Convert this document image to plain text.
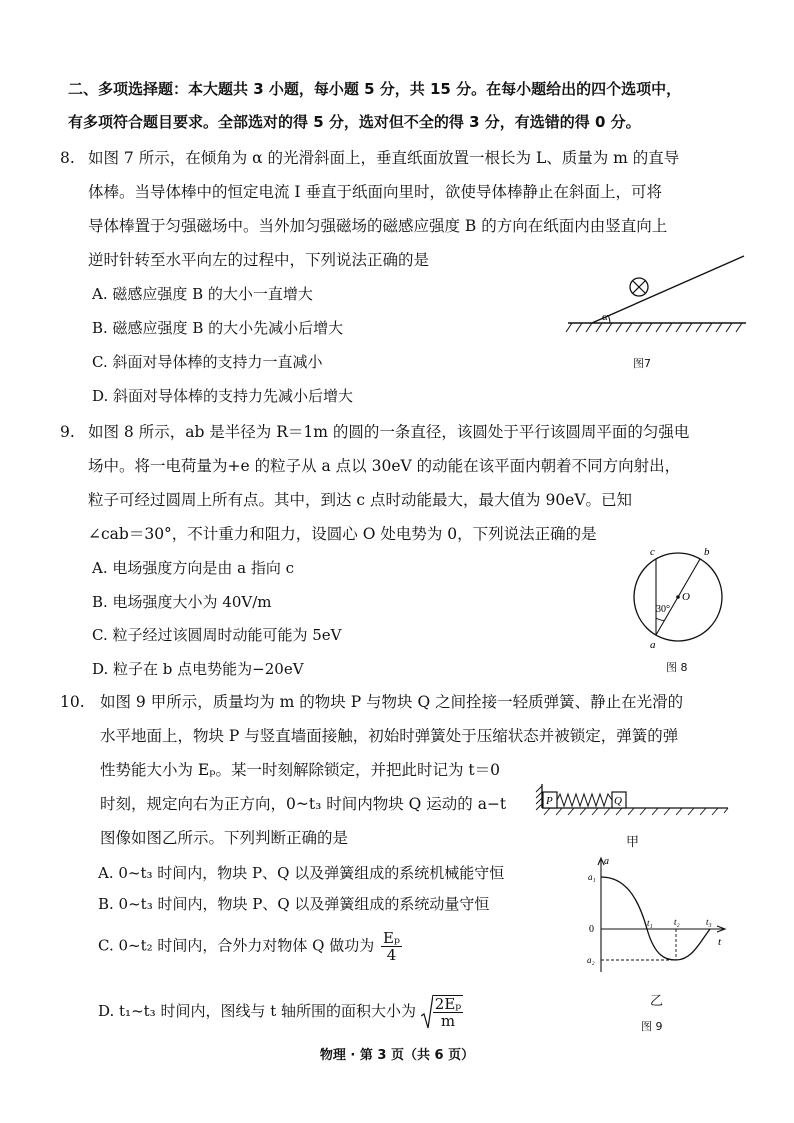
二、多项选择题：本大题共 3 小题，每小题 5 分，共 15 分。在每小题给出的四个选项中，
有多项符合题目要求。全部选对的得 5 分，选对但不全的得 3 分，有选错的得 0 分。
8. 如图 7 所示，在倾角为 α 的光滑斜面上，垂直纸面放置一根长为 L、质量为 m 的直导
体棒。当导体棒中的恒定电流 I 垂直于纸面向里时，欲使导体棒静止在斜面上，可将
导体棒置于匀强磁场中。当外加匀强磁场的磁感应强度 B 的方向在纸面内由竖直向上
逆时针转至水平向左的过程中，下列说法正确的是
A. 磁感应强度 B 的大小一直增大
B. 磁感应强度 B 的大小先减小后增大
C. 斜面对导体棒的支持力一直减小
D. 斜面对导体棒的支持力先减小后增大
α
图7
9. 如图 8 所示，ab 是半径为 R＝1m 的圆的一条直径，该圆处于平行该圆周平面的匀强电
场中。将一电荷量为+e 的粒子从 a 点以 30eV 的动能在该平面内朝着不同方向射出，
粒子可经过圆周上所有点。其中，到达 c 点时动能最大，最大值为 90eV。已知
∠cab＝30°，不计重力和阻力，设圆心 O 处电势为 0，下列说法正确的是
A. 电场强度方向是由 a 指向 c
B. 电场强度大小为 40V/m
C. 粒子经过该圆周时动能可能为 5eV
D. 粒子在 b 点电势能为−20eV
c	b
O
30°
a
图 8
10. 如图 9 甲所示，质量均为 m 的物块 P 与物块 Q 之间拴接一轻质弹簧、静止在光滑的
水平地面上，物块 P 与竖直墙面接触，初始时弹簧处于压缩状态并被锁定，弹簧的弹
性势能大小为 Eₚ。某一时刻解除锁定，并把此时记为 t＝0
时刻，规定向右为正方向，0~t₃ 时间内物块 Q 运动的 a−t
图像如图乙所示。下列判断正确的是
P	Q
甲
A. 0~t₃ 时间内，物块 P、Q 以及弹簧组成的系统机械能守恒
B. 0~t₃ 时间内，物块 P、Q 以及弹簧组成的系统动量守恒
C. 0~t₂ 时间内，合外力对物体 Q 做功为 $\frac{\text{Eₚ}}{4}$
D. t₁~t₃ 时间内，图线与 t 轴所围的面积大小为 $\frac{\text{2Eₚ}}{m}$
a
t
a₁
0
a₂
t₁ t₂	t₃
乙
图 9
物理 · 第 3 页（共 6 页）
